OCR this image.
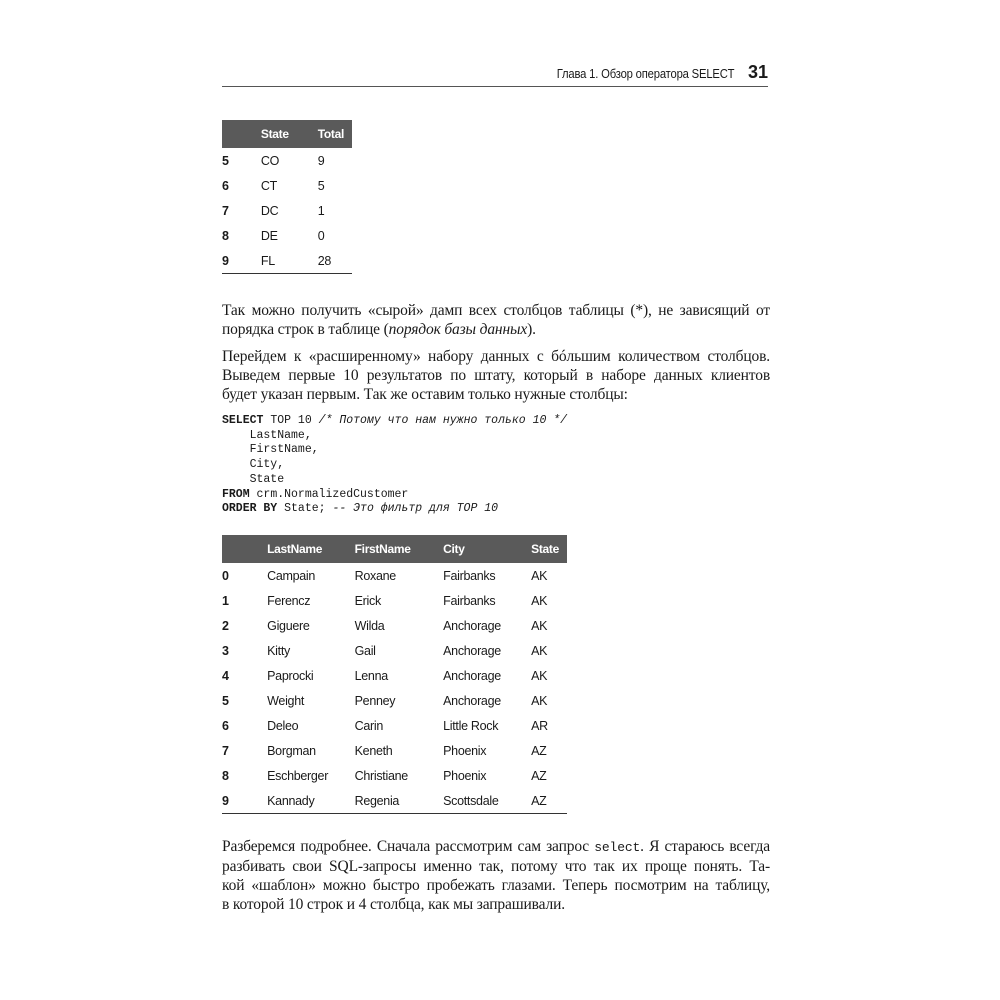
Глава 1. Обзор оператора SELECT 31
	State	Total
5	CO	9
6	CT	5
7	DC	1
8	DE	0
9	FL	28
Так можно получить «сырой» дамп всех столбцов таблицы (*), не зависящий от
порядка строк в таблице (порядок базы данных).
Перейдем к «расширенному» набору данных с бóльшим количеством столбцов.
Выведем первые 10 результатов по штату, который в наборе данных клиентов
будет указан первым. Так же оставим только нужные столбцы:
SELECT TOP 10 /* Потому что нам нужно только 10 */
LastName,
FirstName,
City,
State
FROM crm.NormalizedCustomer
ORDER BY State; -- Это фильтр для TOP 10
	LastName	FirstName	City	State
0	Campain	Roxane	Fairbanks	AK
1	Ferencz	Erick	Fairbanks	AK
2	Giguere	Wilda	Anchorage	AK
3	Kitty	Gail	Anchorage	AK
4	Paprocki	Lenna	Anchorage	AK
5	Weight	Penney	Anchorage	AK
6	Deleo	Carin	Little Rock	AR
7	Borgman	Keneth	Phoenix	AZ
8	Eschberger	Christiane	Phoenix	AZ
9	Kannady	Regenia	Scottsdale	AZ
Разберемся подробнее. Сначала рассмотрим сам запрос select. Я стараюсь всегда
разбивать свои SQL-запросы именно так, потому что так их проще понять. Та-
кой «шаблон» можно быстро пробежать глазами. Теперь посмотрим на таблицу,
в которой 10 строк и 4 столбца, как мы запрашивали.
